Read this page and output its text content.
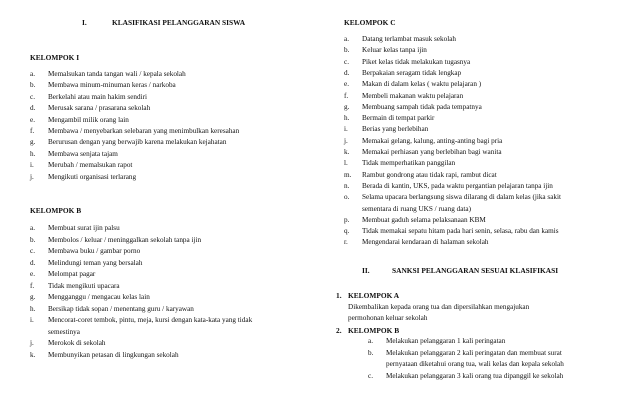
I.	KLASIFIKASI PELANGGARAN SISWA
KELOMPOK I
a. Memalsukan tanda tangan wali / kepala sekolah
b. Membawa minum-minuman keras / narkoba
c. Berkelahi atau main hakim sendiri
d. Merusak sarana / prasarana sekolah
e. Mengambil milik orang lain
f. Membawa / menyebarkan selebaran yang menimbulkan keresahan
g. Berurusan dengan yang berwajib karena melakukan kejahatan
h. Membawa senjata tajam
i. Merubah / memalsukan rapot
j. Mengikuti organisasi terlarang
KELOMPOK B
a. Membuat surat ijin palsu
b. Membolos / keluar / meninggalkan sekolah tanpa ijin
c. Membawa buku / gambar porno
d. Melindungi teman yang bersalah
e. Melompat pagar
f. Tidak mengikuti upacara
g. Mengganggu / mengacau kelas lain
h. Bersikap tidak sopan / menentang guru / karyawan
i. Mencorat-coret tembok, pintu, meja, kursi dengan kata-kata yang tidak
semestinya
j. Merokok di sekolah
k. Membunyikan petasan di lingkungan sekolah
KELOMPOK C
a. Datang terlambat masuk sekolah
b. Keluar kelas tanpa ijin
c. Piket kelas tidak melakukan tugasnya
d. Berpakaian seragam tidak lengkap
e. Makan di dalam kelas ( waktu pelajaran )
f. Membeli makanan waktu pelajaran
g. Membuang sampah tidak pada tempatnya
h. Bermain di tempat parkir
i. Berias yang berlebihan
j. Memakai gelang, kalung, anting-anting bagi pria
k. Memakai perhiasan yang berlebihan bagi wanita
l. Tidak memperhatikan panggilan
m. Rambut gondrong atau tidak rapi, rambut dicat
n. Berada di kantin, UKS, pada waktu pergantian pelajaran tanpa ijin
o. Selama upacara berlangsung siswa dilarang di dalam kelas (jika sakit
sementara di ruang UKS / ruang data)
p. Membuat gaduh selama pelaksanaan KBM
q. Tidak memakai sepatu hitam pada hari senin, selasa, rabu dan kamis
r. Mengendarai kendaraan di halaman sekolah
II.	SANKSI PELANGGARAN SESUAI KLASIFIKASI
1. KELOMPOK A
Dikembalikan kepada orang tua dan dipersilahkan mengajukan
permohonan keluar sekolah
2. KELOMPOK B
a. Melakukan pelanggaran 1 kali peringatan
b. Melakukan pelanggaran 2 kali peringatan dan membuat surat
pernyataan diketahui orang tua, wali kelas dan kepala sekolah
c. Melakukan pelanggaran 3 kali orang tua dipanggil ke sekolah
